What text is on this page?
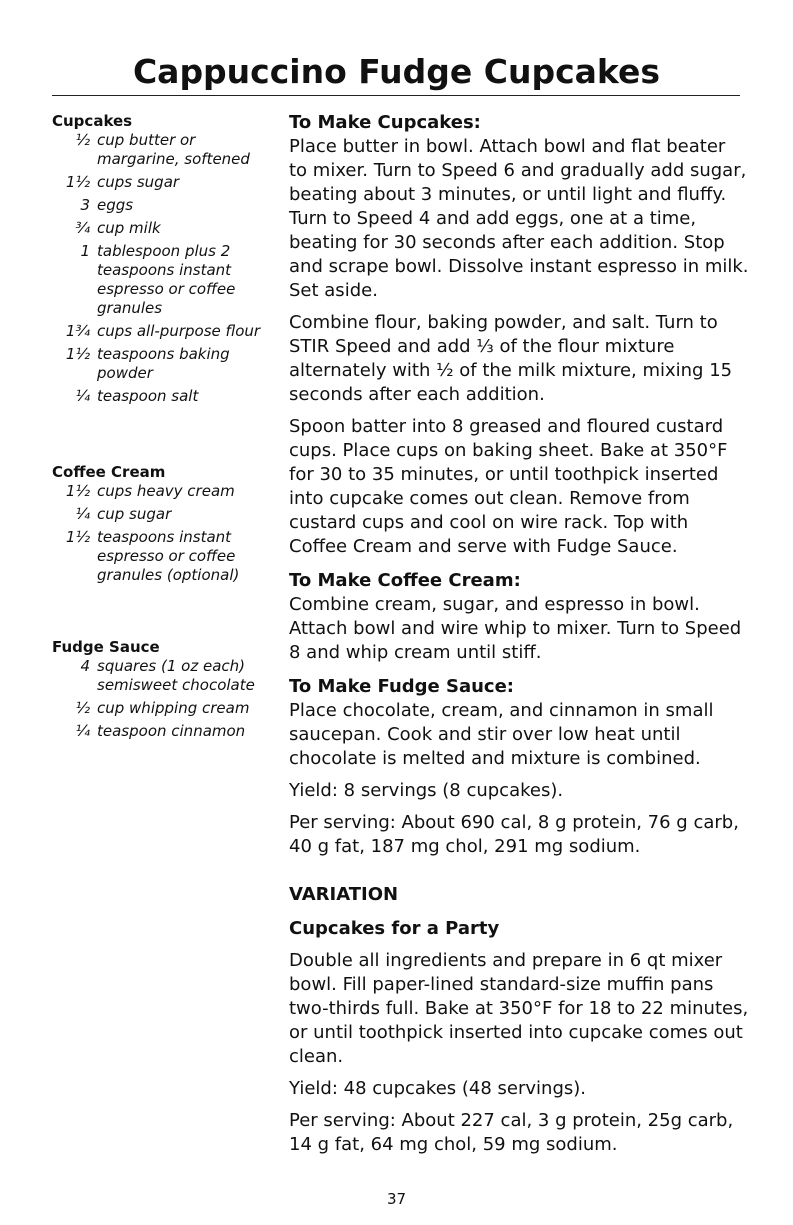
Cappuccino Fudge Cupcakes
Cupcakes
½ cup butter or margarine, softened
1½ cups sugar
3 eggs
¾ cup milk
1 tablespoon plus 2 teaspoons instant espresso or coffee granules
1¾ cups all-purpose flour
1½ teaspoons baking powder
¼ teaspoon salt
Coffee Cream
1½ cups heavy cream
¼ cup sugar
1½ teaspoons instant espresso or coffee granules (optional)
Fudge Sauce
4 squares (1 oz each) semisweet chocolate
½ cup whipping cream
¼ teaspoon cinnamon
To Make Cupcakes:

Place butter in bowl. Attach bowl and flat beater to mixer. Turn to Speed 6 and gradually add sugar, beating about 3 minutes, or until light and fluffy. Turn to Speed 4 and add eggs, one at a time, beating for 30 seconds after each addition. Stop and scrape bowl. Dissolve instant espresso in milk. Set aside.

Combine flour, baking powder, and salt. Turn to STIR Speed and add ⅓ of the flour mixture alternately with ½ of the milk mixture, mixing 15 seconds after each addition.

Spoon batter into 8 greased and floured custard cups. Place cups on baking sheet. Bake at 350°F for 30 to 35 minutes, or until toothpick inserted into cupcake comes out clean. Remove from custard cups and cool on wire rack. Top with Coffee Cream and serve with Fudge Sauce.

To Make Coffee Cream:

Combine cream, sugar, and espresso in bowl. Attach bowl and wire whip to mixer. Turn to Speed 8 and whip cream until stiff.

To Make Fudge Sauce:

Place chocolate, cream, and cinnamon in small saucepan. Cook and stir over low heat until chocolate is melted and mixture is combined.

Yield: 8 servings (8 cupcakes).

Per serving: About 690 cal, 8 g protein, 76 g carb, 40 g fat, 187 mg chol, 291 mg sodium.

VARIATION
Cupcakes for a Party

Double all ingredients and prepare in 6 qt mixer bowl. Fill paper-lined standard-size muffin pans two-thirds full. Bake at 350°F for 18 to 22 minutes, or until toothpick inserted into cupcake comes out clean.

Yield: 48 cupcakes (48 servings).

Per serving: About 227 cal, 3 g protein, 25g carb, 14 g fat, 64 mg chol, 59 mg sodium.

37
